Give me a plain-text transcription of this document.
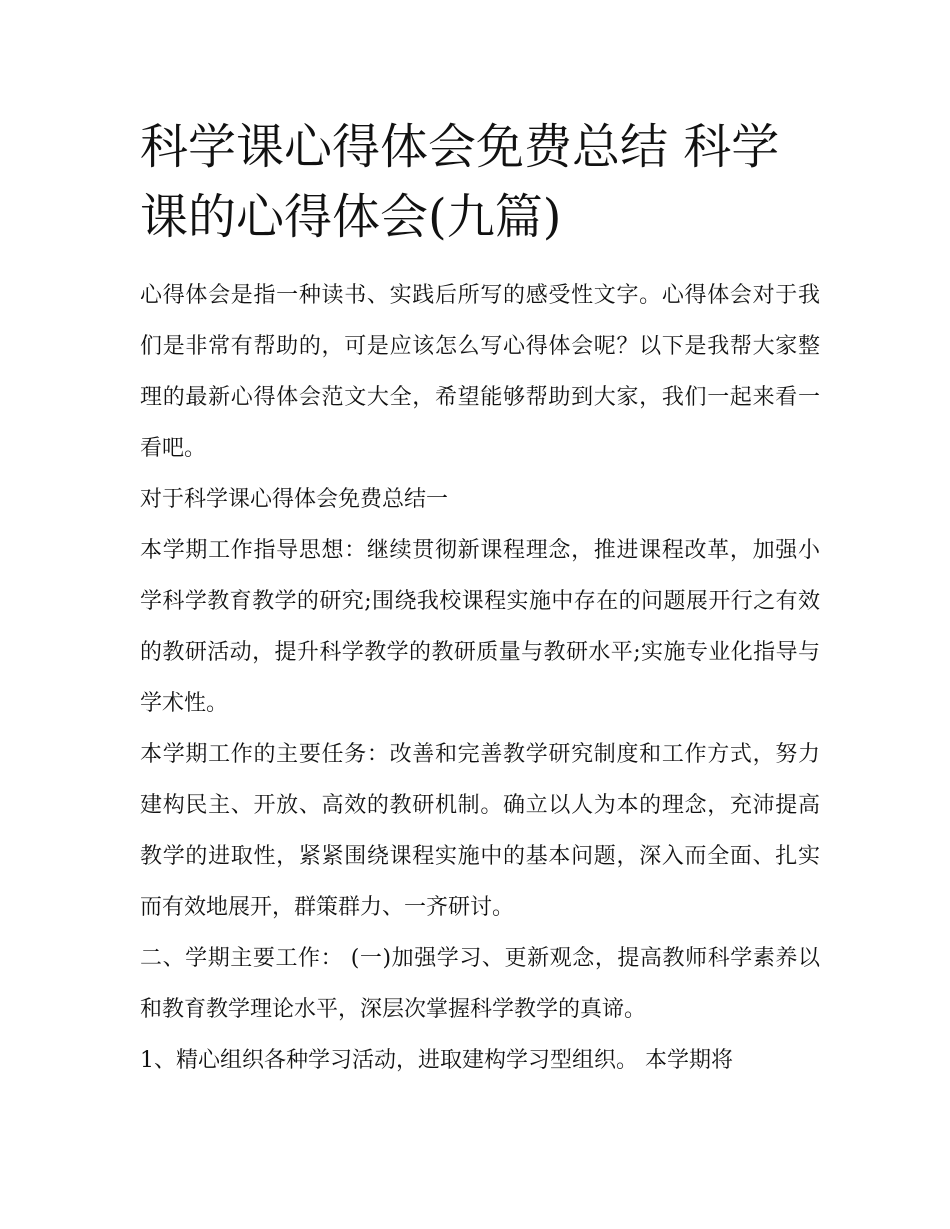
科学课心得体会免费总结 科学课的心得体会(九篇)

心得体会是指一种读书、实践后所写的感受性文字。心得体会对于我们是非常有帮助的，可是应该怎么写心得体会呢？以下是我帮大家整理的最新心得体会范文大全，希望能够帮助到大家，我们一起来看一看吧。

对于科学课心得体会免费总结一

本学期工作指导思想：继续贯彻新课程理念，推进课程改革，加强小学科学教育教学的研究;围绕我校课程实施中存在的问题展开行之有效的教研活动，提升科学教学的教研质量与教研水平;实施专业化指导与学术性。

本学期工作的主要任务：改善和完善教学研究制度和工作方式，努力建构民主、开放、高效的教研机制。确立以人为本的理念，充沛提高教学的进取性，紧紧围绕课程实施中的基本问题，深入而全面、扎实而有效地展开，群策群力、一齐研讨。

二、学期主要工作： (一)加强学习、更新观念，提高教师科学素养以和教育教学理论水平，深层次掌握科学教学的真谛。

1、精心组织各种学习活动，进取建构学习型组织。 本学期将
